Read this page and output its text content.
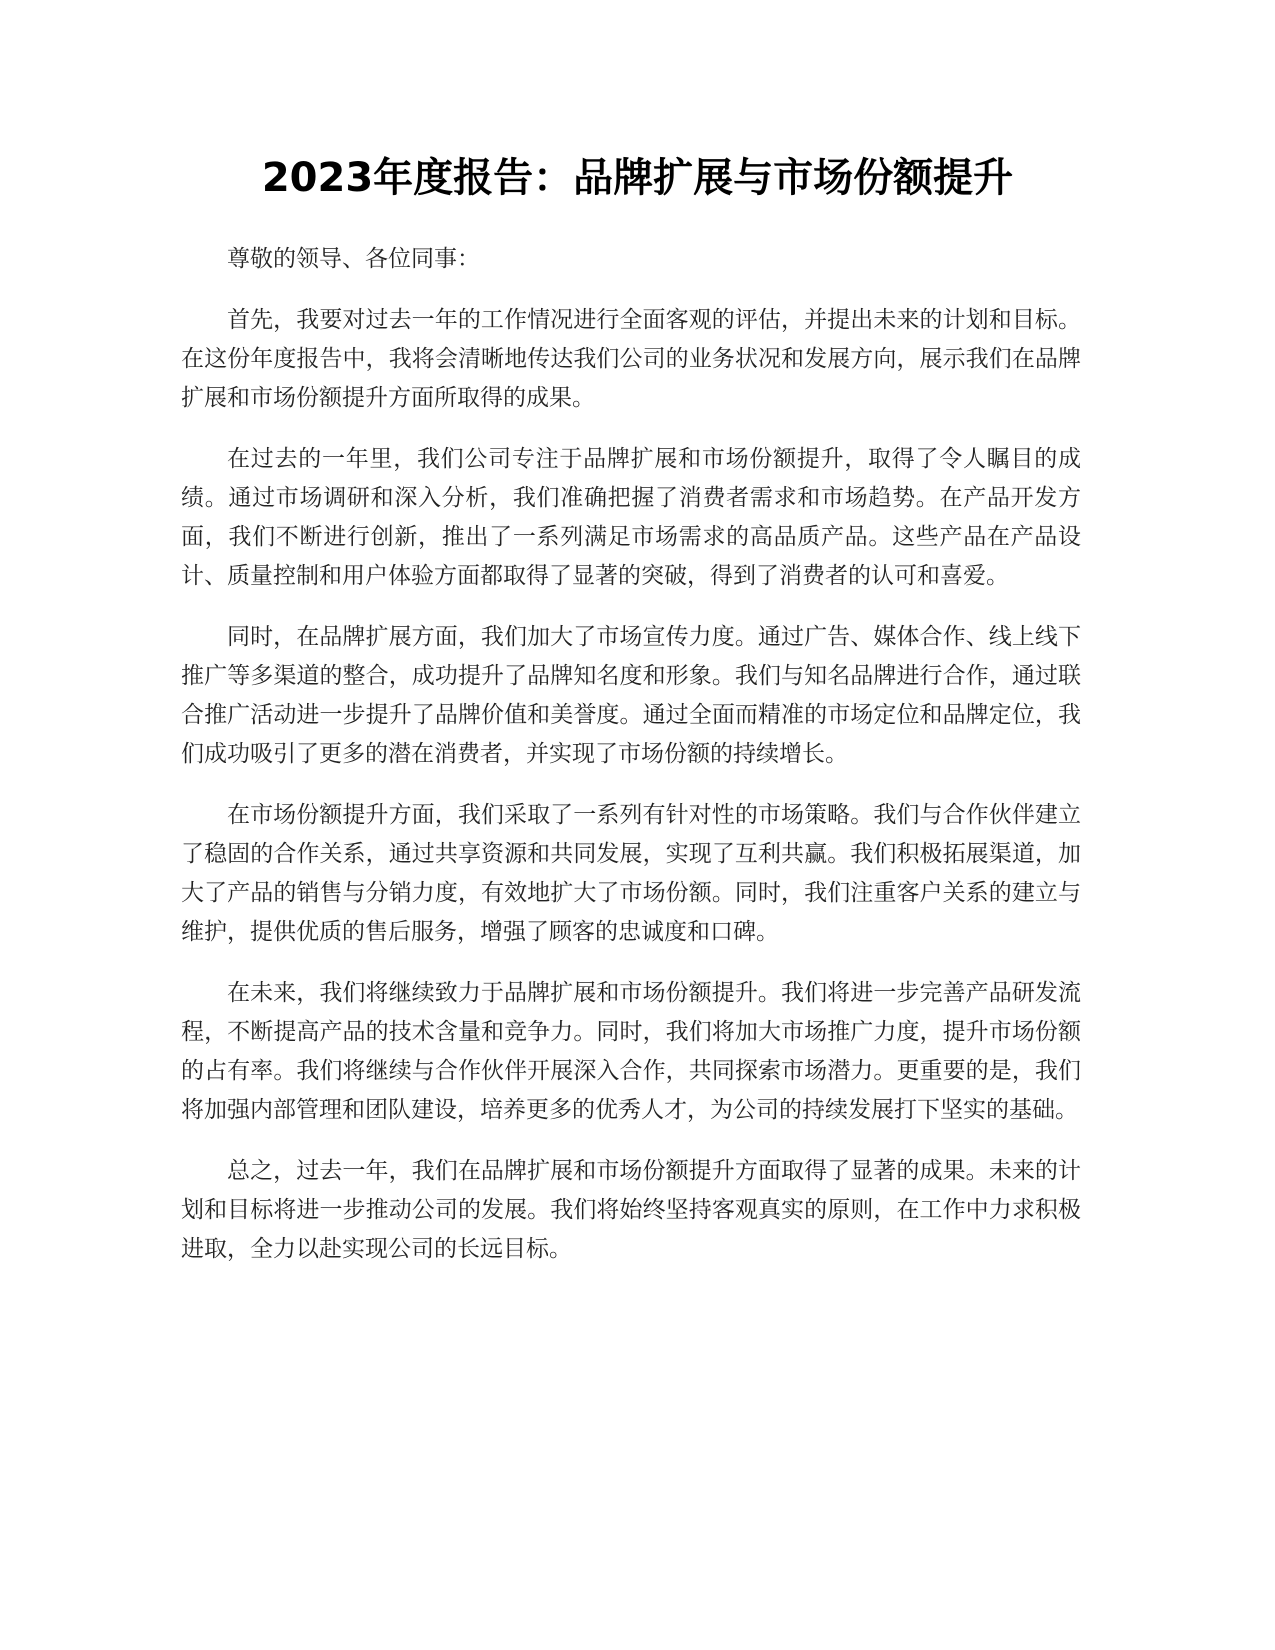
2023年度报告：品牌扩展与市场份额提升

尊敬的领导、各位同事：

首先，我要对过去一年的工作情况进行全面客观的评估，并提出未来的计划和目标。在这份年度报告中，我将会清晰地传达我们公司的业务状况和发展方向，展示我们在品牌扩展和市场份额提升方面所取得的成果。

在过去的一年里，我们公司专注于品牌扩展和市场份额提升，取得了令人瞩目的成绩。通过市场调研和深入分析，我们准确把握了消费者需求和市场趋势。在产品开发方面，我们不断进行创新，推出了一系列满足市场需求的高品质产品。这些产品在产品设计、质量控制和用户体验方面都取得了显著的突破，得到了消费者的认可和喜爱。

同时，在品牌扩展方面，我们加大了市场宣传力度。通过广告、媒体合作、线上线下推广等多渠道的整合，成功提升了品牌知名度和形象。我们与知名品牌进行合作，通过联合推广活动进一步提升了品牌价值和美誉度。通过全面而精准的市场定位和品牌定位，我们成功吸引了更多的潜在消费者，并实现了市场份额的持续增长。

在市场份额提升方面，我们采取了一系列有针对性的市场策略。我们与合作伙伴建立了稳固的合作关系，通过共享资源和共同发展，实现了互利共赢。我们积极拓展渠道，加大了产品的销售与分销力度，有效地扩大了市场份额。同时，我们注重客户关系的建立与维护，提供优质的售后服务，增强了顾客的忠诚度和口碑。

在未来，我们将继续致力于品牌扩展和市场份额提升。我们将进一步完善产品研发流程，不断提高产品的技术含量和竞争力。同时，我们将加大市场推广力度，提升市场份额的占有率。我们将继续与合作伙伴开展深入合作，共同探索市场潜力。更重要的是，我们将加强内部管理和团队建设，培养更多的优秀人才，为公司的持续发展打下坚实的基础。

总之，过去一年，我们在品牌扩展和市场份额提升方面取得了显著的成果。未来的计划和目标将进一步推动公司的发展。我们将始终坚持客观真实的原则，在工作中力求积极进取，全力以赴实现公司的长远目标。
